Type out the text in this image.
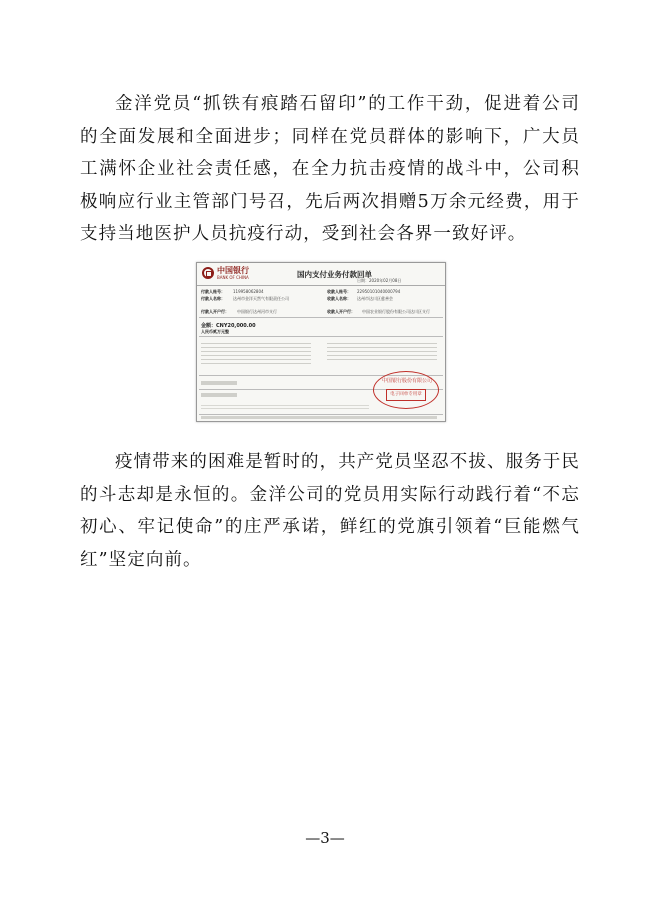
金洋党员“抓铁有痕踏石留印”的工作干劲，促进着公司的全面发展和全面进步；同样在党员群体的影响下，广大员工满怀企业社会责任感，在全力抗击疫情的战斗中，公司积极响应行业主管部门号召，先后两次捐赠5万余元经费，用于支持当地医护人员抗疫行动，受到社会各界一致好评。

中国银行
BANK OF CHINA	国内支付业务付款回单
日期：2020年02月08日
付款人账号： 119958062804	收款人账号： 22950101040000794
付款人名称： 达州市金洋天然气有限责任公司	收款人名称： 达州市达川区慈善会
付款人开户行： 中国银行达州河市支行	收款人开户行： 中国农业银行股份有限公司达川区支行
金额：CNY20,000.00
人民币贰万元整
中国银行股份有限公司
电子回单专用章

疫情带来的困难是暂时的，共产党员坚忍不拔、服务于民的斗志却是永恒的。金洋公司的党员用实际行动践行着“不忘初心、牢记使命”的庄严承诺，鲜红的党旗引领着“巨能燃气红”坚定向前。

—3—
